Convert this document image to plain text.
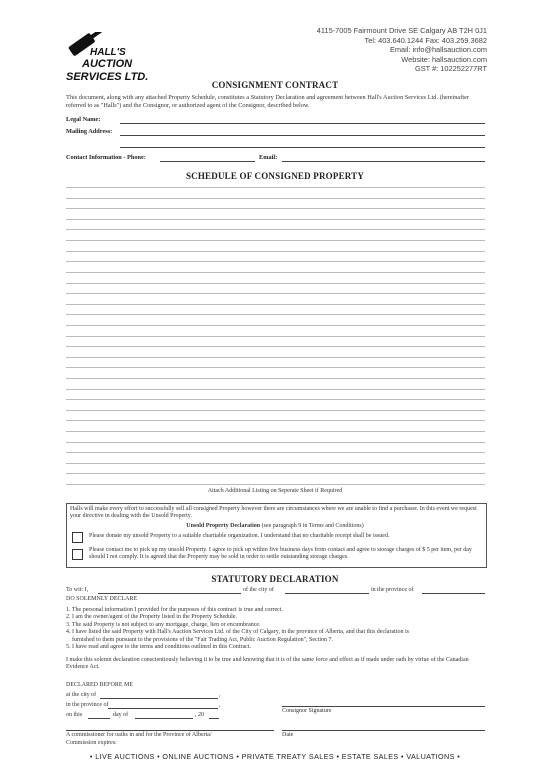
4115-7005 Fairmount Drive SE Calgary AB T2H 0J1
Tel: 403.640.1244 Fax: 403.259.3682
Email: info@hallsauction.com
Website: hallsauction.com
GST #: 102252277RT
HALL'S
AUCTION
SERVICES LTD.
CONSIGNMENT CONTRACT
This document, along with any attached Property Schedule, constitutes a Statutory Declaration and agreement between Hall's Auction Services Ltd. (hereinafter referred to as "Halls") and the Consignor, or authorized agent of the Consignor, described below.
Legal Name:
Mailing Address:
Contact Information - Phone:	Email:
SCHEDULE OF CONSIGNED PROPERTY
Attach Additional Listing on Seperate Sheet if Required
Halls will make every effort to successfully sell all consigned Property however there are circumstances where we are unable to find a purchaser. In this event we request your directive in dealing with the Unsold Property.
Unsold Property Declaration (see paragraph 9 in Terms and Conditions)
Please donate my unsold Property to a suitable charitable organization. I understand that no charitable receipt shall be issued.
Please contact me to pick up my unsold Property. I agree to pick up within five business days from contact and agree to storage charges of $ 5 per item, per day should I not comply. It is agreed that the Property may be sold in order to settle outstanding storage charges.
STATUTORY DECLARATION
To wit: I,	of the city of	in the province of
DO SOLEMNLY DECLARE
1. The personal information I provided for the purposes of this contract is true and correct.
2. I am the owner/agent of the Property listed in the Property Schedule.
3. The said Property is not subject to any mortgage, charge, lien or encumbrance.
4. I have listed the said Property with Hall's Auction Services Ltd. of the City of Calgary, in the province of Alberta, and that this declaration is
furnished to them pursuant to the provisions of the "Fair Trading Act, Public Auction Regulation", Section 7.
5. I have read and agree to the terms and conditions outlined in this Contract.
I make this solemn declaration conscientiously believing it to be true and knowing that it is of the same force and effect as if made under oath by virtue of the Canadian Evidence Act.
DECLARED BEFORE ME
at the city of	,
in the province of	,
Consignor Signature
on this	day of	, 20
A commissioner for oaths in and for the Province of Alberta/	Date
Commission expires:
• LIVE AUCTIONS • ONLINE AUCTIONS • PRIVATE TREATY SALES • ESTATE SALES • VALUATIONS •
